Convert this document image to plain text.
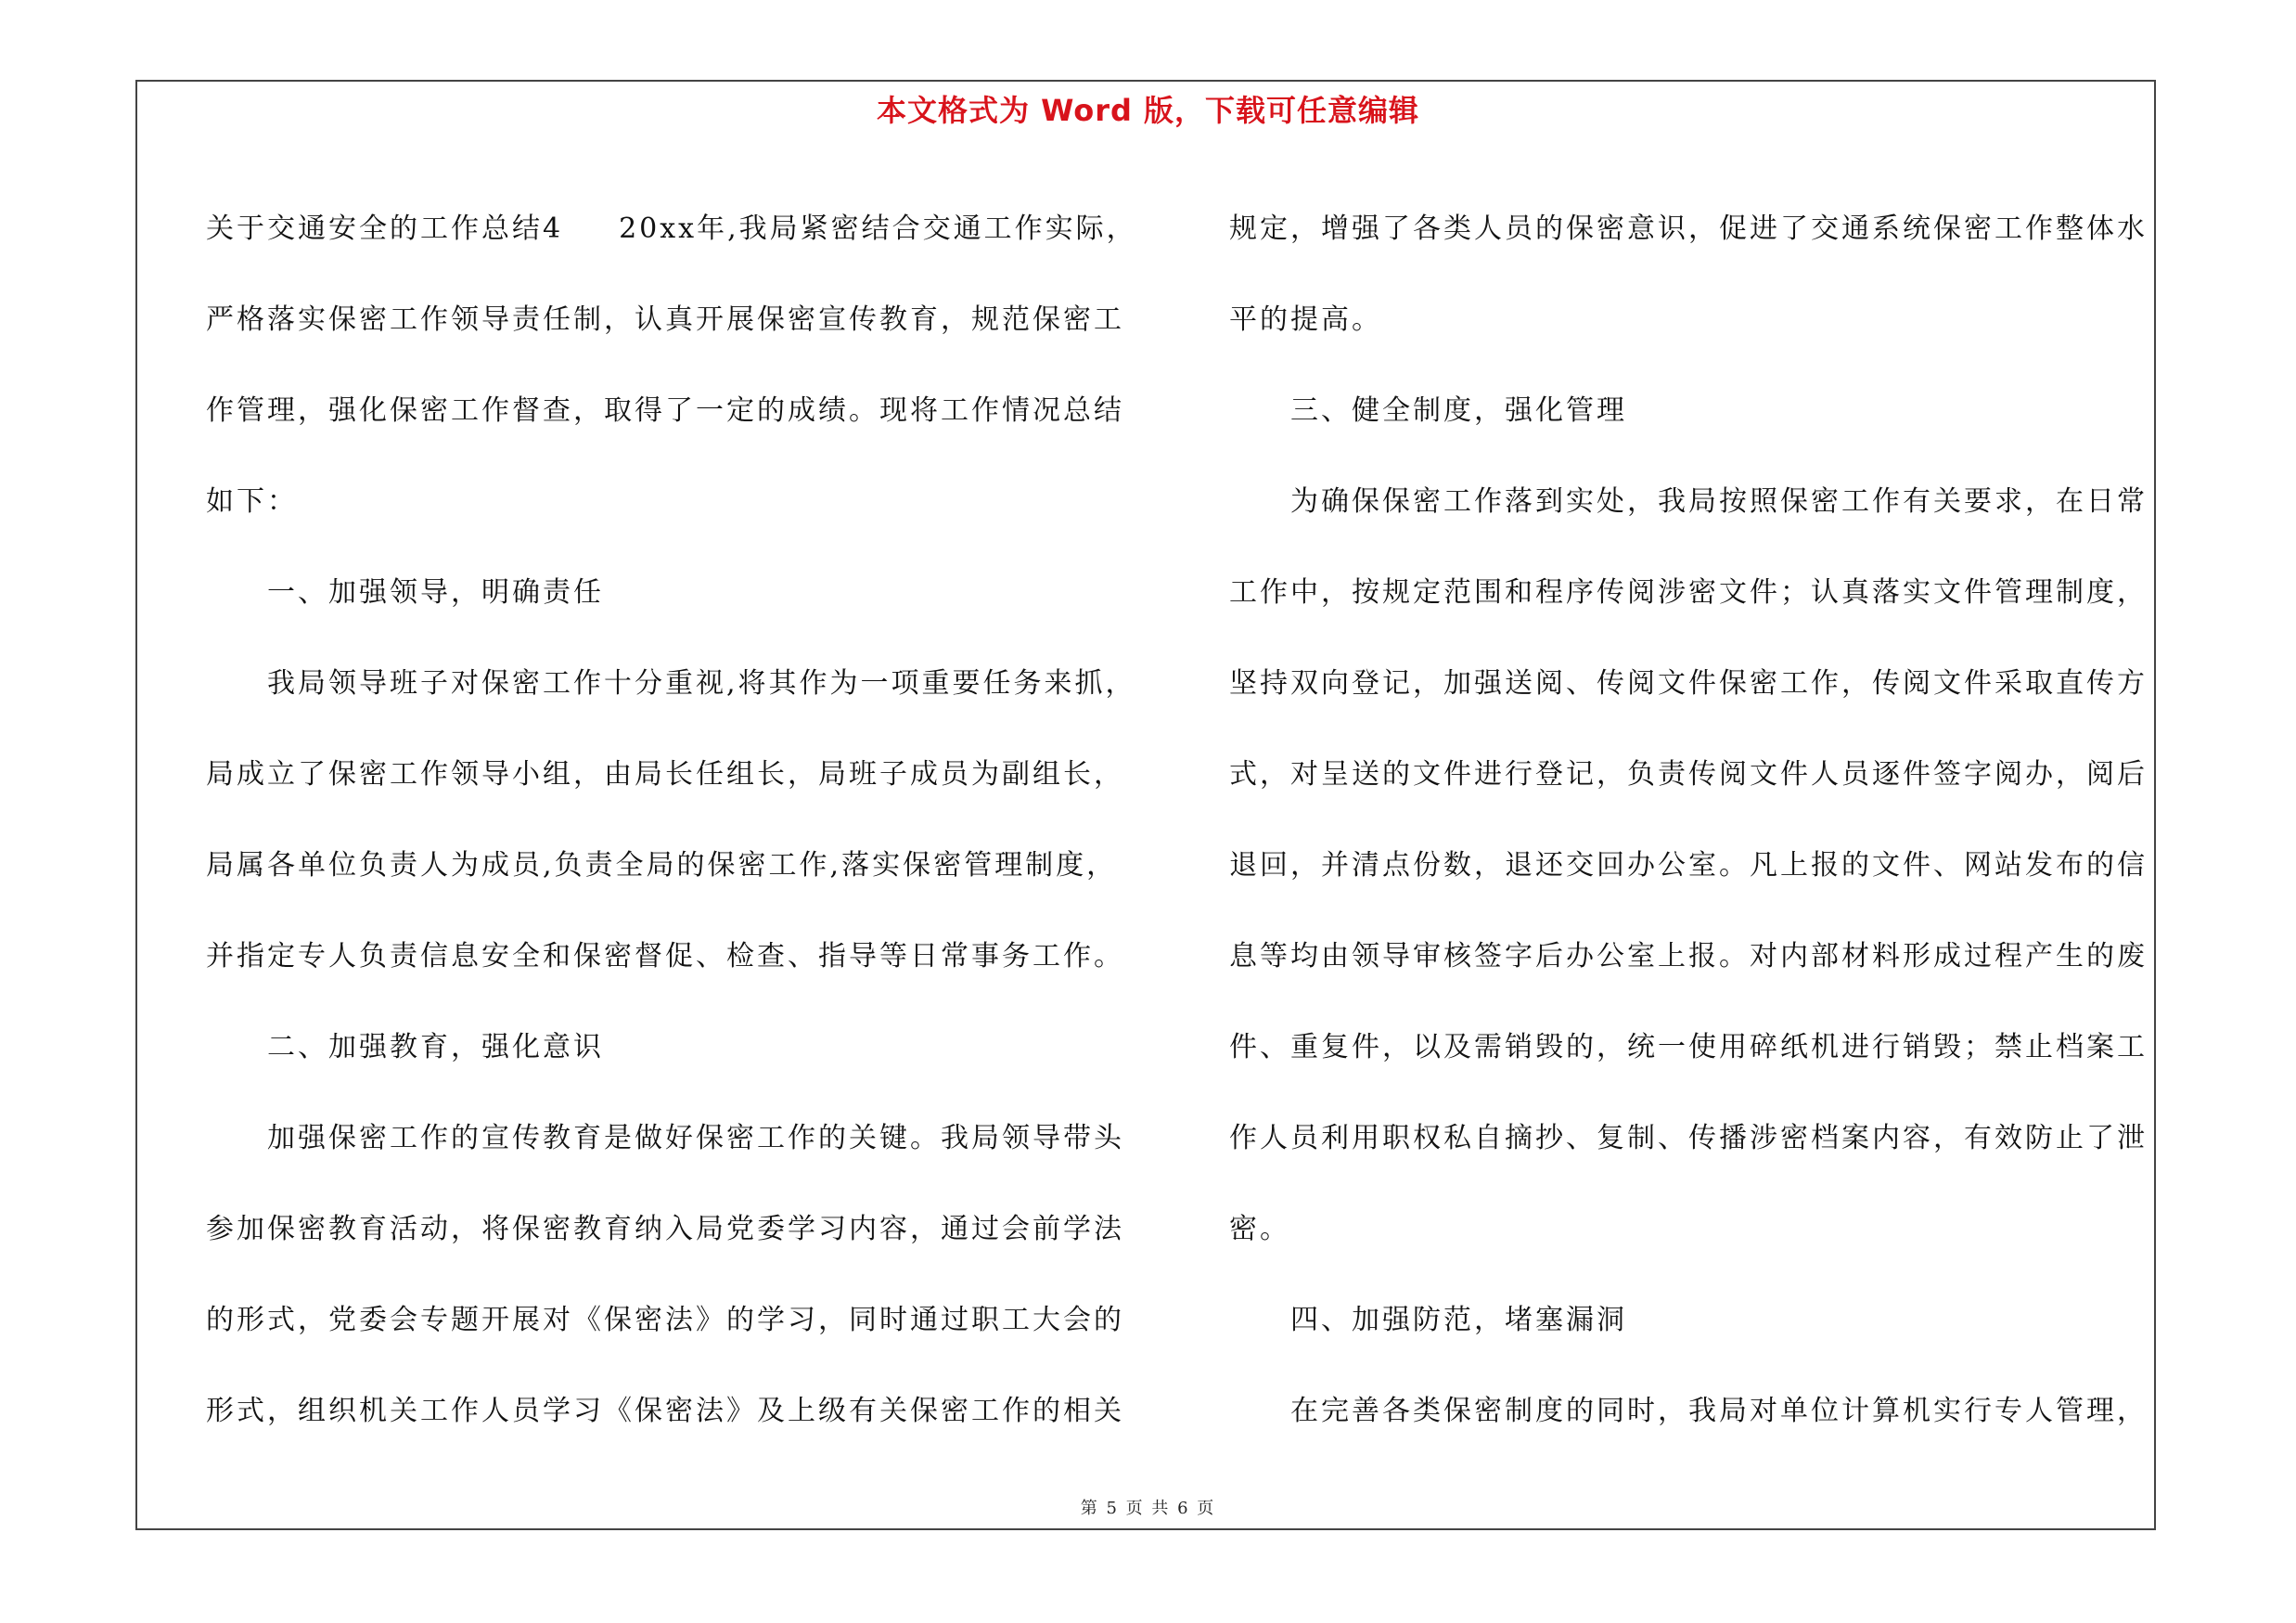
本文格式为 Word 版，下载可任意编辑
关于交通安全的工作总结4 20xx年,我局紧密结合交通工作实际，
严格落实保密工作领导责任制，认真开展保密宣传教育，规范保密工
作管理，强化保密工作督查，取得了一定的成绩。现将工作情况总结
如下：
一、加强领导，明确责任
我局领导班子对保密工作十分重视,将其作为一项重要任务来抓，
局成立了保密工作领导小组，由局长任组长，局班子成员为副组长，
局属各单位负责人为成员,负责全局的保密工作,落实保密管理制度，
并指定专人负责信息安全和保密督促、检查、指导等日常事务工作。
二、加强教育，强化意识
加强保密工作的宣传教育是做好保密工作的关键。我局领导带头
参加保密教育活动，将保密教育纳入局党委学习内容，通过会前学法
的形式，党委会专题开展对《保密法》的学习，同时通过职工大会的
形式，组织机关工作人员学习《保密法》及上级有关保密工作的相关
规定，增强了各类人员的保密意识，促进了交通系统保密工作整体水
平的提高。
三、健全制度，强化管理
为确保保密工作落到实处，我局按照保密工作有关要求，在日常
工作中，按规定范围和程序传阅涉密文件；认真落实文件管理制度，
坚持双向登记，加强送阅、传阅文件保密工作，传阅文件采取直传方
式，对呈送的文件进行登记，负责传阅文件人员逐件签字阅办，阅后
退回，并清点份数，退还交回办公室。凡上报的文件、网站发布的信
息等均由领导审核签字后办公室上报。对内部材料形成过程产生的废
件、重复件，以及需销毁的，统一使用碎纸机进行销毁；禁止档案工
作人员利用职权私自摘抄、复制、传播涉密档案内容，有效防止了泄
密。
四、加强防范，堵塞漏洞
在完善各类保密制度的同时，我局对单位计算机实行专人管理，
第 5 页 共 6 页
